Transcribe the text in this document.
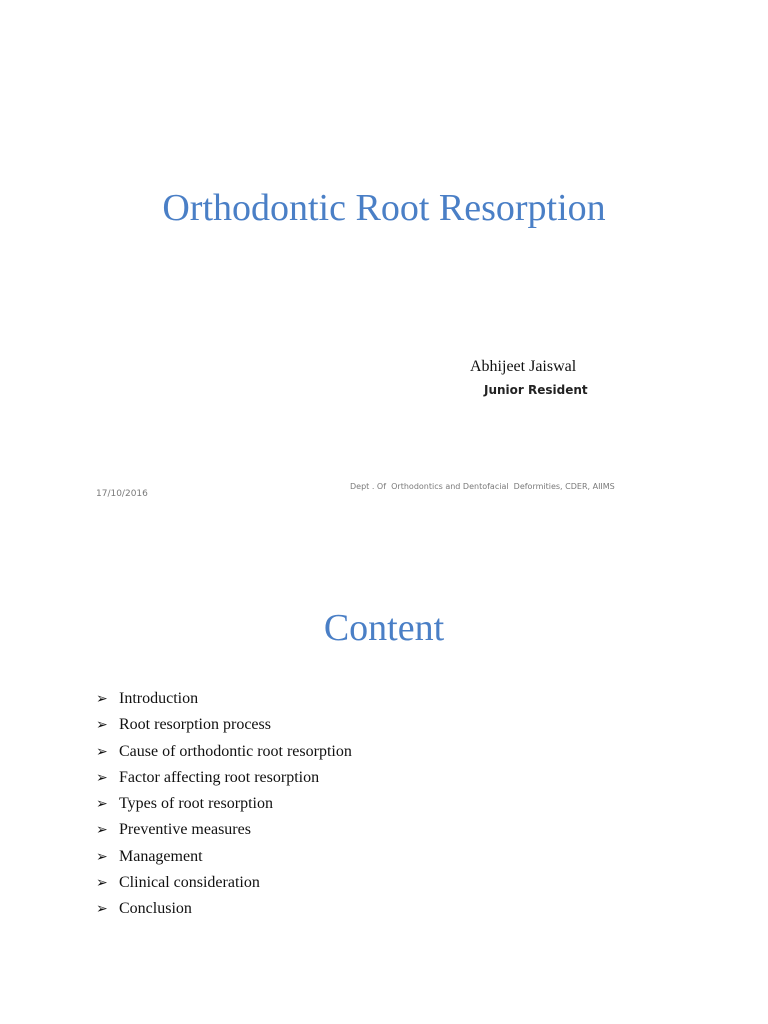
Orthodontic Root Resorption
Abhijeet Jaiswal
Junior Resident
17/10/2016
Dept . Of  Orthodontics and Dentofacial  Deformities, CDER, AIIMS
Content
➢ Introduction
➢ Root resorption process
➢ Cause of orthodontic root resorption
➢ Factor affecting root resorption
➢ Types of root resorption
➢ Preventive measures
➢ Management
➢ Clinical consideration
➢ Conclusion
